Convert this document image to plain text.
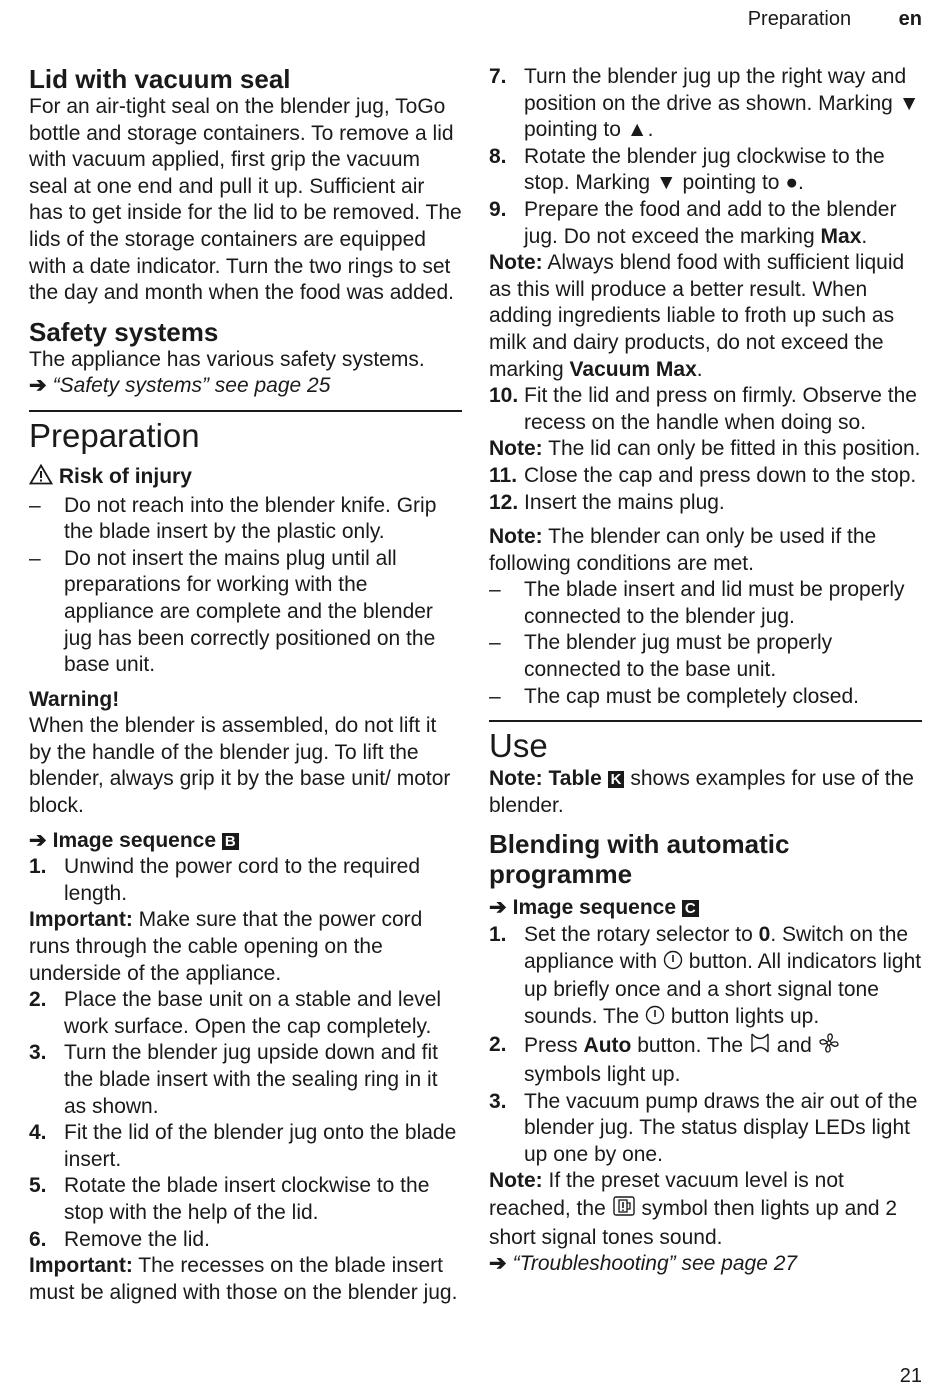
Preparation en
Lid with vacuum seal

For an air-tight seal on the blender jug, ToGo bottle and storage containers. To remove a lid with vacuum applied, first grip the vacuum seal at one end and pull it up. Sufficient air has to get inside for the lid to be removed. The lids of the storage containers are equipped with a date indicator. Turn the two rings to set the day and month when the food was added.

Safety systems

The appliance has various safety systems.

➔ “Safety systems” see page 25

Preparation

Risk of injury

–	Do not reach into the blender knife. Grip the blade insert by the plastic only.
–	Do not insert the mains plug until all preparations for working with the appliance are complete and the blender jug has been correctly positioned on the base unit.

Warning!

When the blender is assembled, do not lift it by the handle of the blender jug. To lift the blender, always grip it by the base unit/ motor block.

➔ Image sequence B

1. Unwind the power cord to the required length.

Important: Make sure that the power cord runs through the cable opening on the underside of the appliance.

2. Place the base unit on a stable and level work surface. Open the cap completely.
3. Turn the blender jug upside down and fit the blade insert with the sealing ring in it as shown.
4. Fit the lid of the blender jug onto the blade insert.
5. Rotate the blade insert clockwise to the stop with the help of the lid.
6. Remove the lid.

Important: The recesses on the blade insert must be aligned with those on the blender jug.

7. Turn the blender jug up the right way and position on the drive as shown. Marking ▼ pointing to ▲.
8. Rotate the blender jug clockwise to the stop. Marking ▼ pointing to ●.
9. Prepare the food and add to the blender jug. Do not exceed the marking Max.

Note: Always blend food with sufficient liquid as this will produce a better result. When adding ingredients liable to froth up such as milk and dairy products, do not exceed the marking Vacuum Max.

10. Fit the lid and press on firmly. Observe the recess on the handle when doing so.

Note: The lid can only be fitted in this position.

11. Close the cap and press down to the stop.
12. Insert the mains plug.

Note: The blender can only be used if the following conditions are met.

–	The blade insert and lid must be properly connected to the blender jug.
–	The blender jug must be properly connected to the base unit.
–	The cap must be completely closed.
Use

Note: Table K shows examples for use of the blender.

Blending with automatic programme

➔ Image sequence C

1. Set the rotary selector to 0. Switch on the appliance with button. All indicators light up briefly once and a short signal tone sounds. The button lights up.
2. Press Auto button. The and  symbols light up.
3. The vacuum pump draws the air out of the blender jug. The status display LEDs light up one by one.

Note: If the preset vacuum level is not reached, the symbol then lights up and 2 short signal tones sound.

➔ “Troubleshooting” see page 27

21
